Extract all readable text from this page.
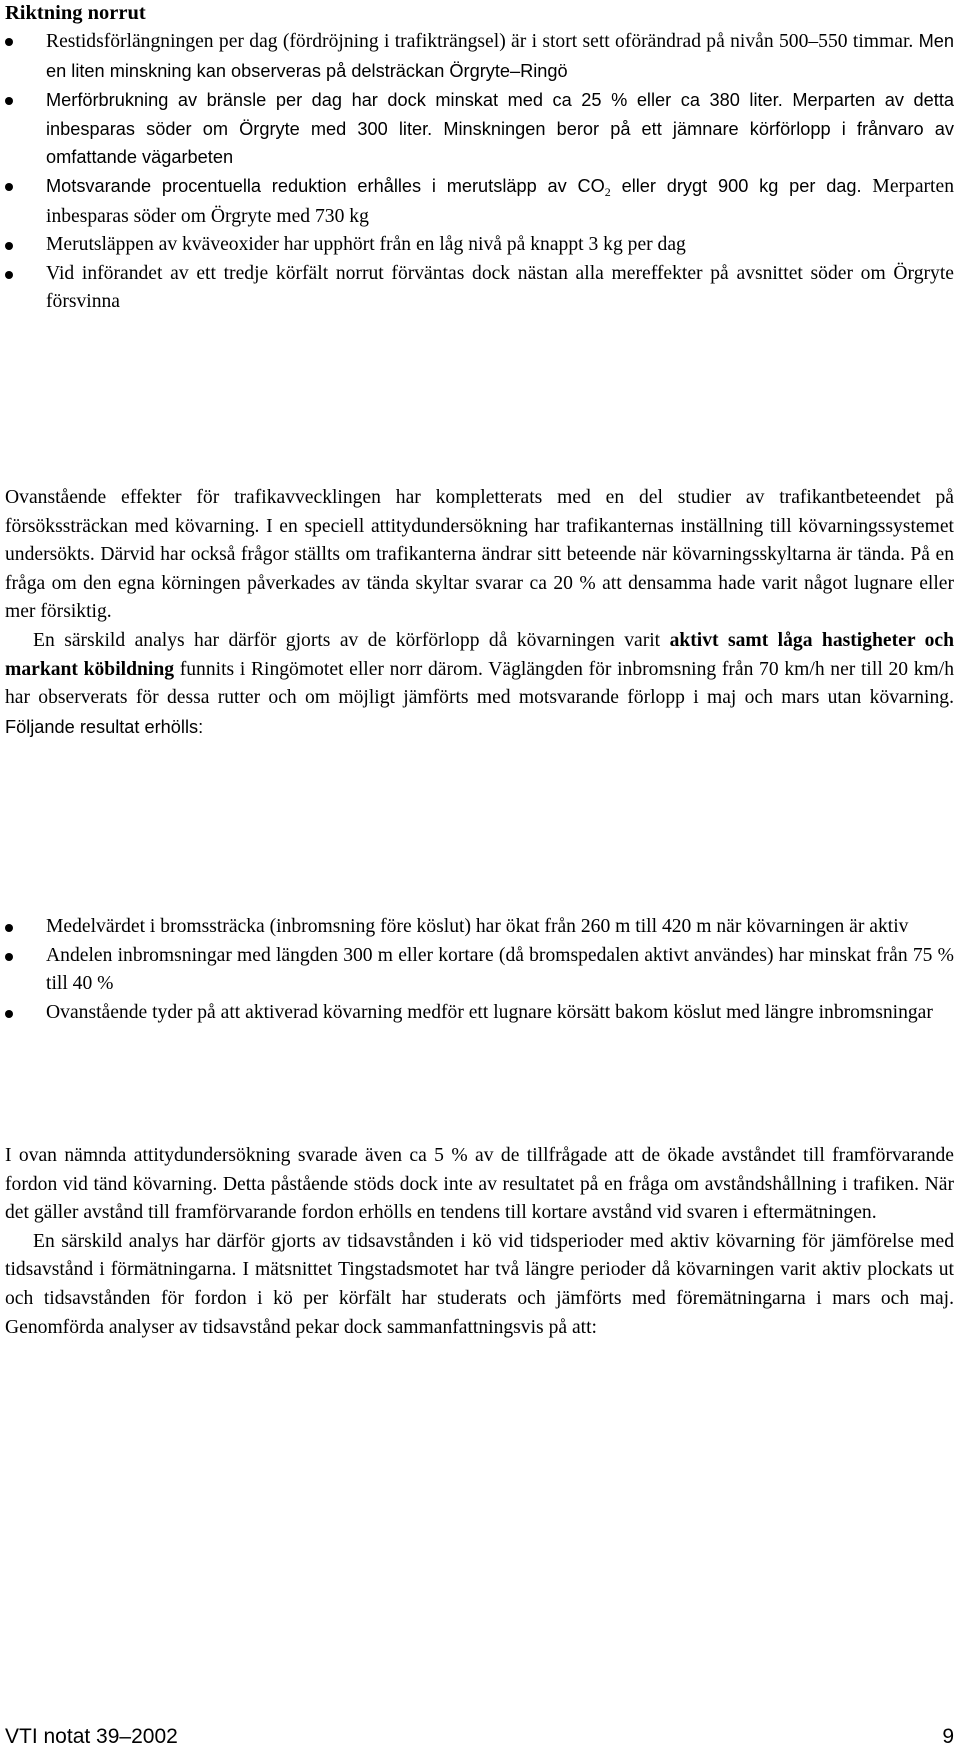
Riktning norrut
Restidsförlängningen per dag (fördröjning i trafikträngsel) är i stort sett oförändrad på nivån 500–550 timmar. Men en liten minskning kan observeras på delsträckan Örgryte–Ringö
Merförbrukning av bränsle per dag har dock minskat med ca 25 % eller ca 380 liter. Merparten av detta inbesparas söder om Örgryte med 300 liter. Minskningen beror på ett jämnare körförlopp i frånvaro av omfattande vägarbeten
Motsvarande procentuella reduktion erhålles i merutsläpp av $CO_2$ eller drygt 900 kg per dag. Merparten inbesparas söder om Örgryte med 730 kg
Merutsläppen av kväveoxider har upphört från en låg nivå på knappt 3 kg per dag
Vid införandet av ett tredje körfält norrut förväntas dock nästan alla mereffekter på avsnittet söder om Örgryte försvinna

Ovanstående effekter för trafikavvecklingen har kompletterats med en del studier av trafikantbeteendet på försökssträckan med kövarning. I en speciell attitydundersökning har trafikanternas inställning till kövarningssystemet undersökts. Därvid har också frågor ställts om trafikanterna ändrar sitt beteende när kövarningsskyltarna är tända. På en fråga om den egna körningen påverkades av tända skyltar svarar ca 20 % att densamma hade varit något lugnare eller mer försiktig.

En särskild analys har därför gjorts av de körförlopp då kövarningen varit aktivt samt låga hastigheter och markant köbildning funnits i Ringömotet eller norr därom. Väglängden för inbromsning från 70 km/h ner till 20 km/h har observerats för dessa rutter och om möjligt jämförts med motsvarande förlopp i maj och mars utan kövarning. Följande resultat erhölls:

Medelvärdet i bromssträcka (inbromsning före köslut) har ökat från 260 m till 420 m när kövarningen är aktiv
Andelen inbromsningar med längden 300 m eller kortare (då bromspedalen aktivt användes) har minskat från 75 % till 40 %
Ovanstående tyder på att aktiverad kövarning medför ett lugnare körsätt bakom köslut med längre inbromsningar

I ovan nämnda attitydundersökning svarade även ca 5 % av de tillfrågade att de ökade avståndet till framförvarande fordon vid tänd kövarning. Detta påstående stöds dock inte av resultatet på en fråga om avståndshållning i trafiken. När det gäller avstånd till framförvarande fordon erhölls en tendens till kortare avstånd vid svaren i eftermätningen.

En särskild analys har därför gjorts av tidsavstånden i kö vid tidsperioder med aktiv kövarning för jämförelse med tidsavstånd i förmätningarna. I mätsnittet Tingstadsmotet har två längre perioder då kövarningen varit aktiv plockats ut och tidsavstånden för fordon i kö per körfält har studerats och jämförts med föremätningarna i mars och maj. Genomförda analyser av tidsavstånd pekar dock sammanfattningsvis på att:

VTI notat 39–2002	9
